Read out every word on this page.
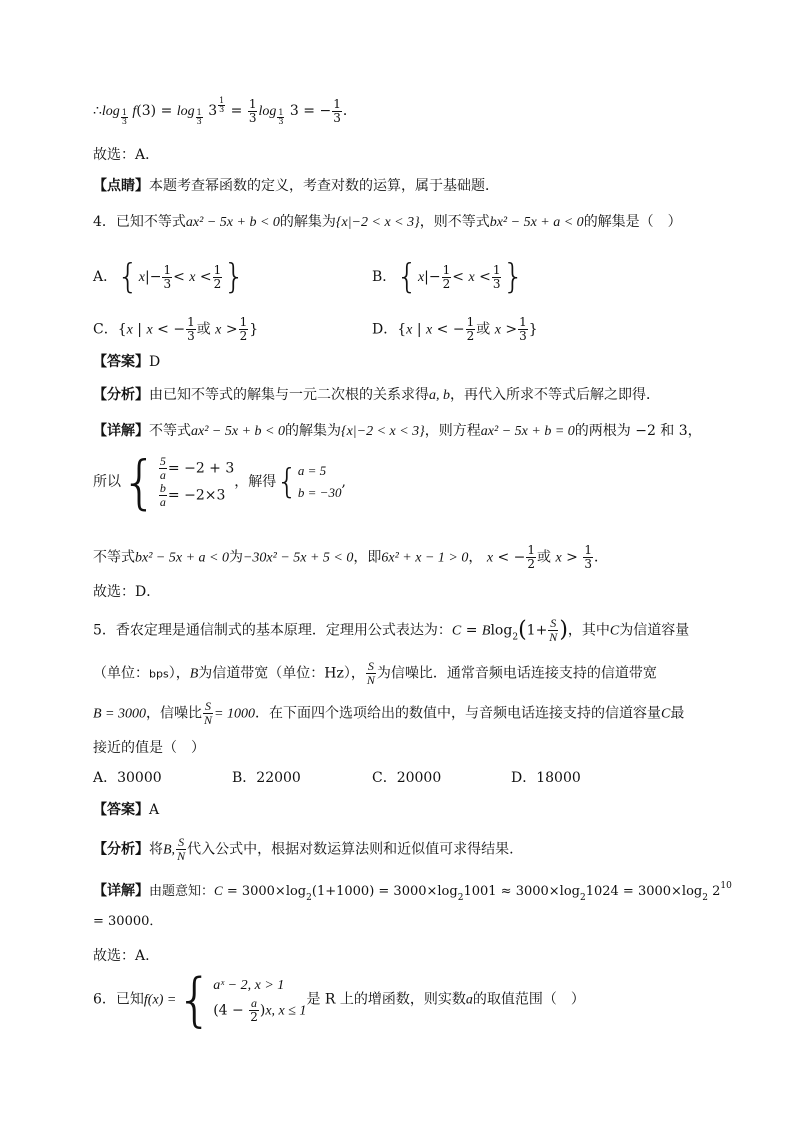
∴log $_{\frac{1}{3}}$ f(3) = log $_{\frac{1}{3}}$ 3 $^{\frac{1}{3}} = \frac{1}{3}$ log $_{\frac{1}{3}}$ 3 = − $\frac{1}{3}$ ．
故选：A．
【点睛】本题考查幂函数的定义，考查对数的运算，属于基础题．
4．已知不等式ax² − 5x + b < 0的解集为{x|−2 < x < 3}，则不等式bx² − 5x + a < 0的解集是（　）
A．{$x|- \frac{1}{3} < x < \frac{1}{2}$ }	B．{$x|- \frac{1}{2} < x < \frac{1}{3}$ }
C．{x | x < − $\frac{1}{3}$ 或 $x > \frac{1}{2}$ }	D．{x | x < − $\frac{1}{2}$ 或 $x > \frac{1}{3}$ }
【答案】D
【分析】由已知不等式的解集与一元二次根的关系求得a, b，再代入所求不等式后解之即得．
【详解】不等式ax² − 5x + b < 0的解集为{x|−2 < x < 3}，则方程ax² − 5x + b = 0的两根为 −2 和 3，
所以{ $\frac{5}{a} = -2 + 3$
$\frac{b}{a} = -2\times 3$
，解得{ a = 5
b = −30
,
不等式bx² − 5x + a < 0为−30x² − 5x + 5 < 0，即6x² + x − 1 > 0， x < − $\frac{1}{2}$ 或 $x > \frac{1}{3}$ ．
故选：D．
5．香农定理是通信制式的基本原理．定理用公式表达为：$C = Blog_2(1+ \frac{S}{N}$ )，其中C为信道容量
（单位：bps），B为信道带宽（单位：Hz）， $\frac{S}{N}$ 为信噪比．通常音频电话连接支持的信道带宽
B = 3000，信噪比 $\frac{S}{N} = 1000$．在下面四个选项给出的数值中，与音频电话连接支持的信道容量C最
接近的值是（　）
A．30000	B．22000	C．20000	D．18000
【答案】A
【分析】将B, $\frac{S}{N}$ 代入公式中，根据对数运算法则和近似值可求得结果.
【详解】由题意知：$C = 3000\times\log_2(1+1000) = 3000\times\log_21001 \approx 3000\times\log_21024 = 3000\times\log_2$ $2^{10}$
= 30000．
故选：A.
6．已知f(x) ={ aˣ − 2, x > 1
$(4 - \frac{a}{2} )x$, x ≤ 1
是 R 上的增函数，则实数a的取值范围（　）
